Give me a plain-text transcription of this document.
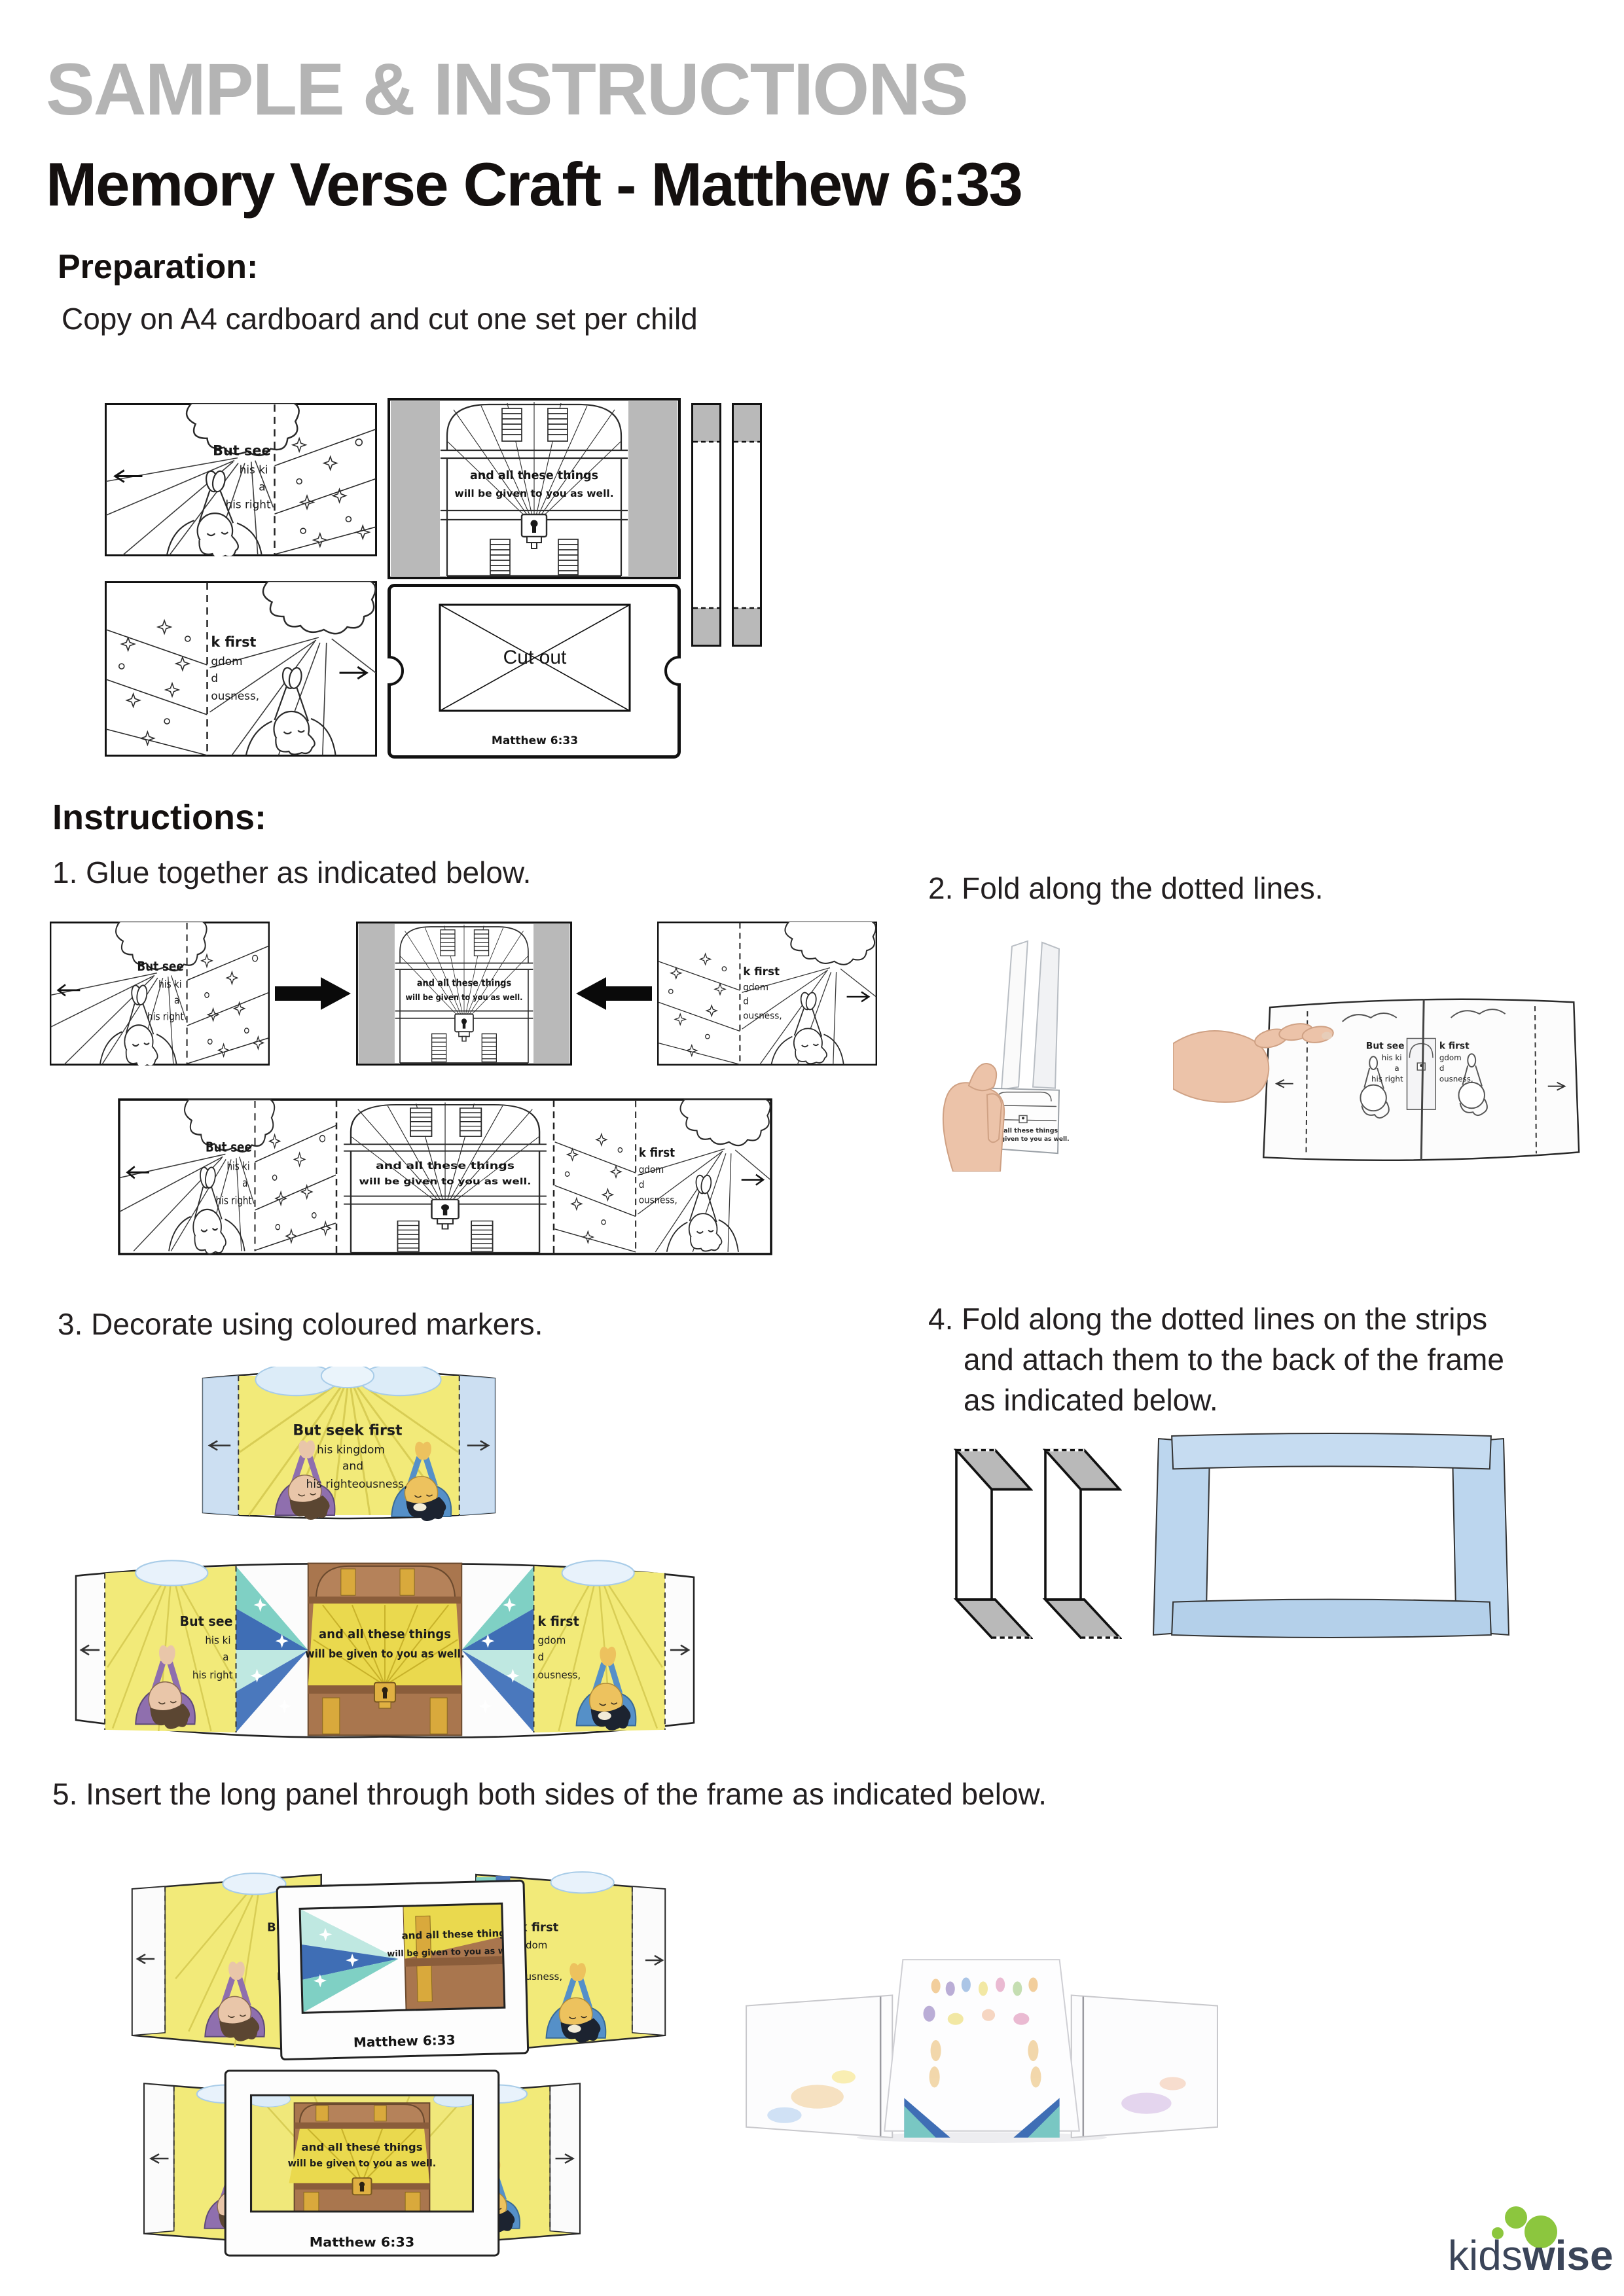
SAMPLE & INSTRUCTIONS
Memory Verse Craft - Matthew 6:33
Preparation:
Copy on A4 cardboard and cut one set per child
Instructions:
1. Glue together as indicated below.	2. Fold along the dotted lines.
3. Decorate using coloured markers.	4. Fold along the dotted lines on the strips
and attach them to the back of the frame
as indicated below.
5. Insert the long panel through both sides of the frame as indicated below.
kidswise
